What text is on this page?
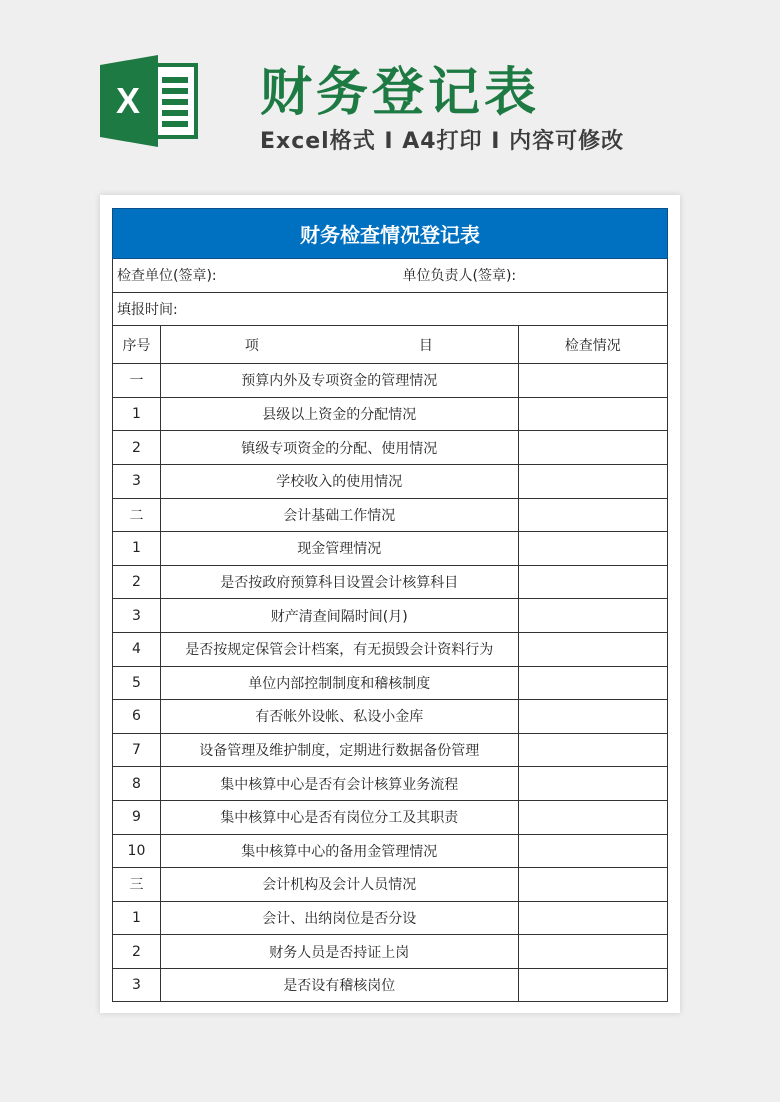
X 财务登记表
Excel格式 Ⅰ A4打印 Ⅰ 内容可修改
财务检查情况登记表		
检查单位(签章): 单位负责人(签章):		

填报时间:		
序号	项 目	检查情况
一	预算内外及专项资金的管理情况	
1	县级以上资金的分配情况	
2	镇级专项资金的分配、使用情况	
3	学校收入的使用情况	
二	会计基础工作情况	
1	现金管理情况	
2	是否按政府预算科目设置会计核算科目	
3	财产清查间隔时间(月)	
4	是否按规定保管会计档案，有无损毁会计资料行为	
5	单位内部控制制度和稽核制度	
6	有否帐外设帐、私设小金库	
7	设备管理及维护制度，定期进行数据备份管理	
8	集中核算中心是否有会计核算业务流程	
9	集中核算中心是否有岗位分工及其职责	
10	集中核算中心的备用金管理情况	
三	会计机构及会计人员情况	
1	会计、出纳岗位是否分设	
2	财务人员是否持证上岗	
3	是否设有稽核岗位	
